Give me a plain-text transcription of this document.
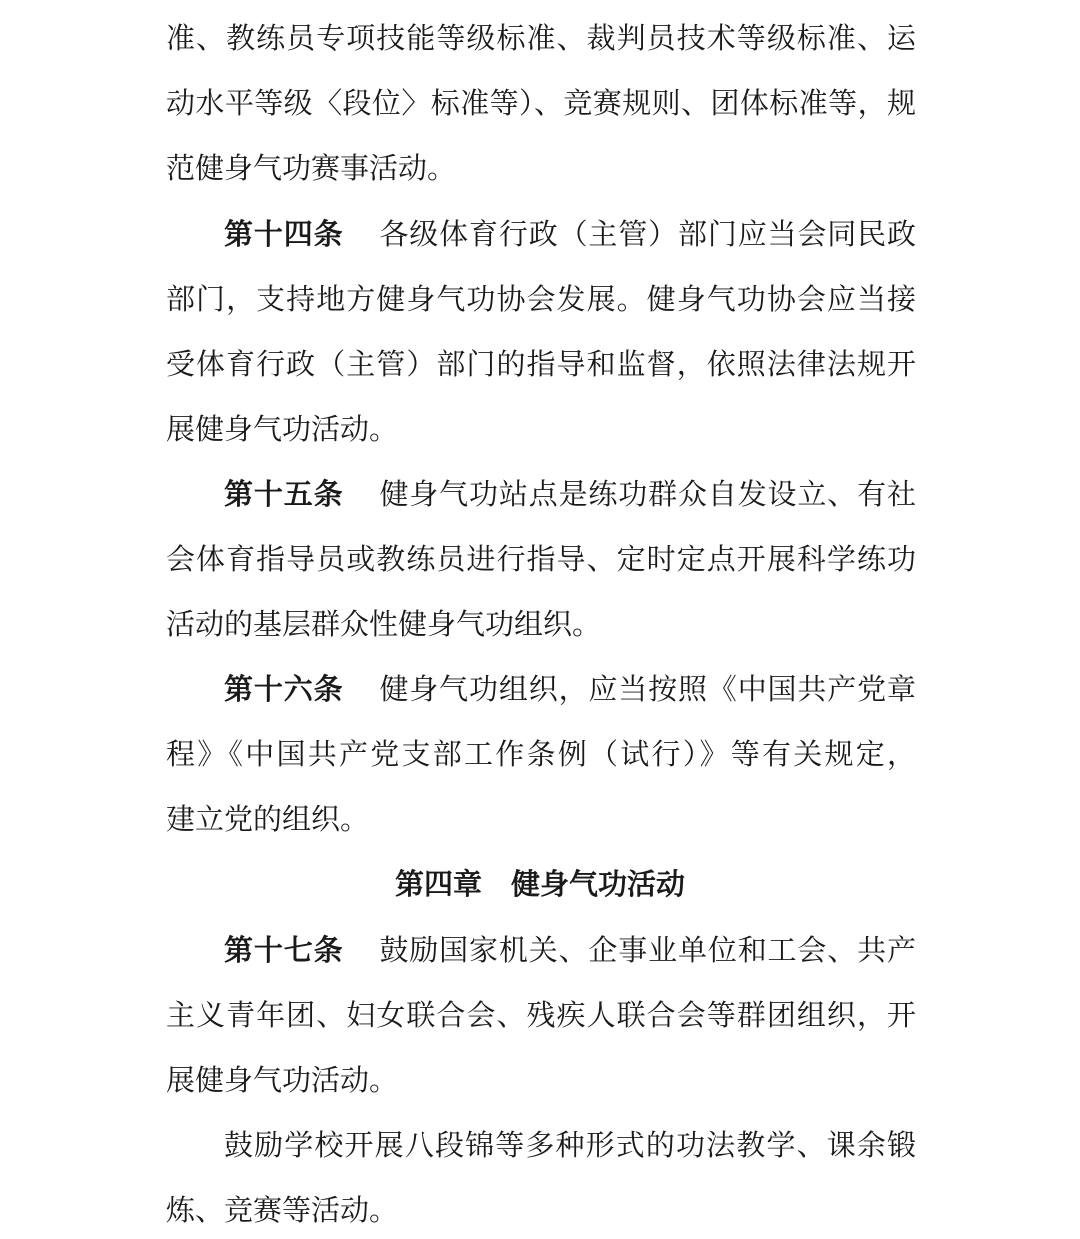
准、教练员专项技能等级标准、裁判员技术等级标准、运
动水平等级〈段位〉标准等）、竞赛规则、团体标准等，规
范健身气功赛事活动。
第十四条 各级体育行政（主管）部门应当会同民政
部门，支持地方健身气功协会发展。健身气功协会应当接
受体育行政（主管）部门的指导和监督，依照法律法规开
展健身气功活动。
第十五条 健身气功站点是练功群众自发设立、有社
会体育指导员或教练员进行指导、定时定点开展科学练功
活动的基层群众性健身气功组织。
第十六条 健身气功组织，应当按照《中国共产党章
程》《中国共产党支部工作条例（试行）》等有关规定，
建立党的组织。
第四章　健身气功活动
第十七条 鼓励国家机关、企事业单位和工会、共产
主义青年团、妇女联合会、残疾人联合会等群团组织，开
展健身气功活动。
鼓励学校开展八段锦等多种形式的功法教学、课余锻
炼、竞赛等活动。
